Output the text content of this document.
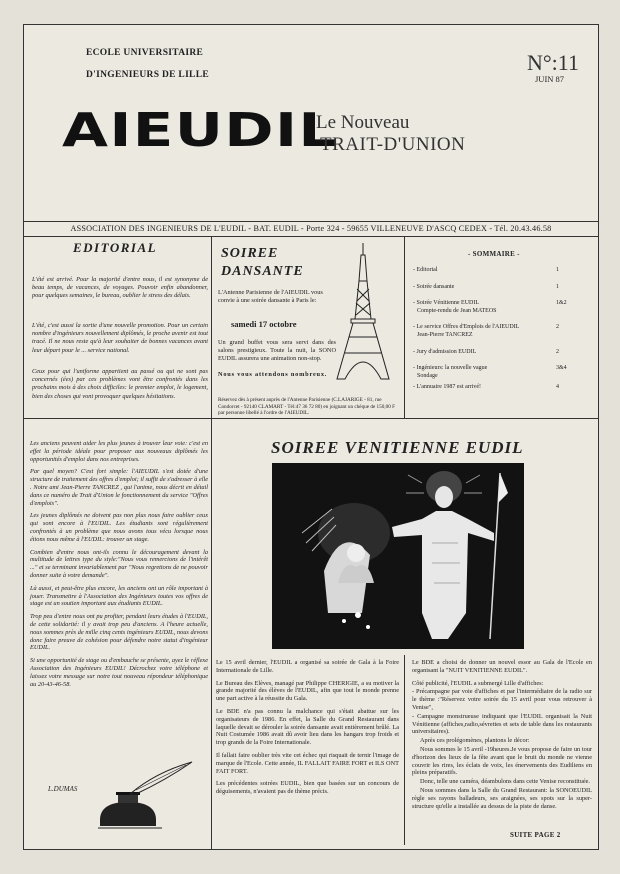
ECOLE UNIVERSITAIRE
D'INGENIEURS DE LILLE	N°:11
JUIN 87
AIEUDIL
Le Nouveau
TRAIT-D'UNION
ASSOCIATION DES INGENIEURS DE L'EUDIL - BAT. EUDIL - Porte 324 - 59655 VILLENEUVE D'ASCQ CEDEX - Tél. 20.43.46.58
EDITORIAL
L'été est arrivé. Pour la majorité d'entre nous, il est synonyme de beau temps, de vacances, de voyages. Pouvoir enfin abandonner, pour quelques semaines, le bureau, oublier le stress des délais.
L'été, c'est aussi la sortie d'une nouvelle promotion. Pour un certain nombre d'ingénieurs nouvellement diplômés, le proche avenir est tout tracé. Il ne nous reste qu'à leur souhaiter de bonnes vacances avant leur départ pour le ... service national.
Ceux pour qui l'uniforme appartient au passé ou qui ne sont pas concernés (ées) par ces problèmes vont être confrontés dans les prochains mois à des choix difficiles: le premier emploi, le logement, bien des choses qui vont provoquer quelques hésitations.
SOIREE
DANSANTE
L'Antenne Parisienne de l'AIEUDIL vous convie à une soirée dansante à Paris le:
samedi 17 octobre
Un grand buffet vous sera servi dans des salons prestigieux. Toute la nuit, la SONO EUDIL assurera une animation non-stop.
Nous vous attendons nombreux.
Réservez dès à présent auprès de l'Antenne Parisienne (C.LAJARIGE - 81, rue Condorcet - 92140 CLAMART - Tél:47 36 72 80) en joignant un chèque de 150,00 F par personne libellé à l'ordre de l'AIEUDIL.
- SOMMAIRE -
- Editorial	1
- Soirée dansante	1
- Soirée Vénitienne EUDIL	1&2
Compte-rendu de Jean MATEOS
- Le service Offres d'Emplois de l'AIEUDIL	2
Jean-Pierre TANCREZ
- Jury d'admission EUDIL	2
- Ingénieurs: la nouvelle vague	3&4
Sondage
- L'annuaire 1987 est arrivé!	4

Les anciens peuvent aider les plus jeunes à trouver leur voie: c'est en effet la période idéale pour proposer aux nouveaux diplômés les opportunités d'emploi dans nos entreprises.

Par quel moyen? C'est fort simple: l'AIEUDIL s'est dotée d'une structure de traitement des offres d'emploi; il suffit de s'adresser à elle . Notre ami Jean-Pierre TANCREZ , qui l'anime, nous décrit en détail dans ce numéro de Trait d'Union le fonctionnement du service "Offres d'emplois".

Les jeunes diplômés ne doivent pas non plus nous faire oublier ceux qui sont encore à l'EUDIL. Les étudiants sont régulièrement confrontés à un problème que nous avons tous vécu lorsque nous étions nous même à l'EUDIL: trouver un stage.

Combien d'entre nous ont-ils connu le découragement devant la multitude de lettres type du style:"Nous vous remercions de l'intérêt ..." et se terminant invariablement par "Nous regrettons de ne pouvoir donner suite à votre demande".

Là aussi, et peut-être plus encore, les anciens ont un rôle important à jouer. Transmettre à l'Association des Ingénieurs toutes vos offres de stage est un soutien important aux étudiants EUDIL.

Trop peu d'entre nous ont pu profiter, pendant leurs études à l'EUDIL, de cette solidarité: il y avait trop peu d'anciens. A l'heure actuelle, nous sommes près de mille cinq cents ingénieurs EUDIL, nous devons donc faire preuve de cohésion pour défendre notre statut d'ingénieur EUDIL.

Si une opportunité de stage ou d'embauche se présente, ayez le réflexe Association des Ingénieurs EUDIL! Décrochez votre téléphone et laissez votre message sur notre tout nouveau répondeur téléphonique au 20-43-46-58.

L.DUMAS
SOIREE VENITIENNE EUDIL

Le 15 avril dernier, l'EUDIL a organisé sa soirée de Gala à la Foire Internationale de Lille.

Le Bureau des Elèves, managé par Philippe CHERIGIE, a su motiver la grande majorité des élèves de l'EUDIL, afin que tout le monde prenne une part active à la réussite du Gala.

Le BDE n'a pas connu la malchance qui s'était abattue sur les organisateurs de 1986. En effet, la Salle du Grand Restaurant dans laquelle devait se dérouler la soirée dansante avait entièrement brûlé. La Nuit Costumée 1986 avait dû avoir lieu dans les hangars trop froids et trop grands de la Foire Internationale.

Il fallait faire oublier très vite cet échec qui risquait de ternir l'image de marque de l'Ecole. Cette année, IL FALLAIT FAIRE FORT et ILS ONT FAIT FORT.

Les précédentes soirées EUDIL, bien que basées sur un concours de déguisements, n'avaient pas de thème précis.

Le BDE a choisi de donner un nouvel essor au Gala de l'Ecole en organisant la "NUIT VENITIENNE EUDIL".

Côté publicité, l'EUDIL a submergé Lille d'affiches:

- Précampagne par voie d'affiches et par l'intermédiaire de la radio sur le thème :"Réservez votre soirée du 15 avril pour vous retrouver à Venise",

- Campagne monstrueuse indiquant que l'EUDIL organisait la Nuit Vénitienne (affiches,radio,sévrettes et sets de table dans les restaurants universitaires).

Après ces prolégomènes, plantons le décor:

Nous sommes le 15 avril -19heures.Je vous propose de faire un tour d'horizon des lieux de la fête avant que le bruit du monde ne vienne couvrir les rires, les éclats de voix, les énervements des Eudiliens en pleins préparatifs.

Donc, telle une caméra, déambulons dans cette Venise reconstituée.

Nous sommes dans la Salle du Grand Restaurant: la SONOEUDIL règle ses rayons balladeurs, ses araignées, ses spots sur la super-structure qu'elle a installée au dessus de la piste de danse.

SUITE PAGE 2
